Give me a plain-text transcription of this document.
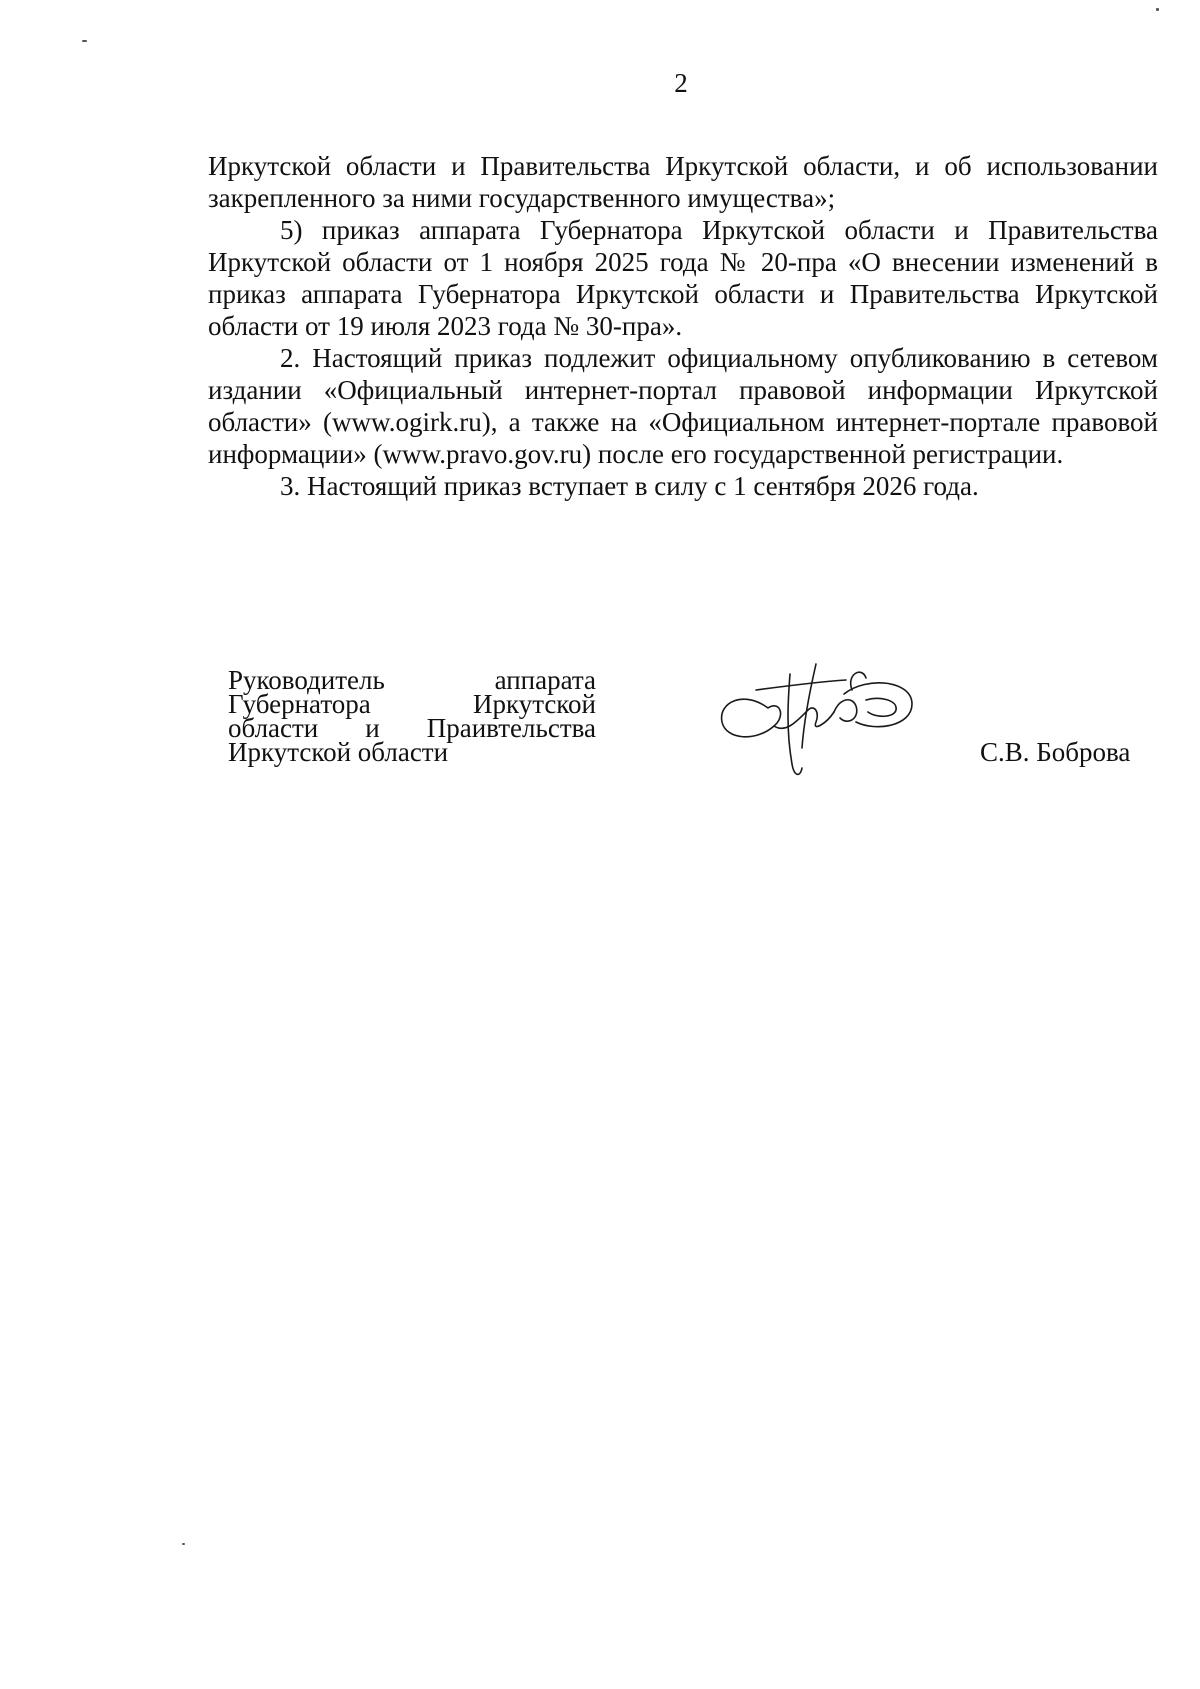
2

Иркутской области и Правительства Иркутской области, и об использовании закрепленного за ними государственного имущества»;

5) приказ аппарата Губернатора Иркутской области и Правительства Иркутской области от 1 ноября 2025 года № 20-пра «О внесении изменений в приказ аппарата Губернатора Иркутской области и Правительства Иркутской области от 19 июля 2023 года № 30-пра».

2. Настоящий приказ подлежит официальному опубликованию в сетевом издании «Официальный интернет-портал правовой информации Иркутской области» (www.ogirk.ru), а также на «Официальном интернет-портале правовой информации» (www.pravo.gov.ru) после его государственной регистрации.

3. Настоящий приказ вступает в силу с 1 сентября 2026 года.

Руководитель аппарата
Губернатора Иркутской
области и Праивтельства
Иркутской области	С.В. Боброва
